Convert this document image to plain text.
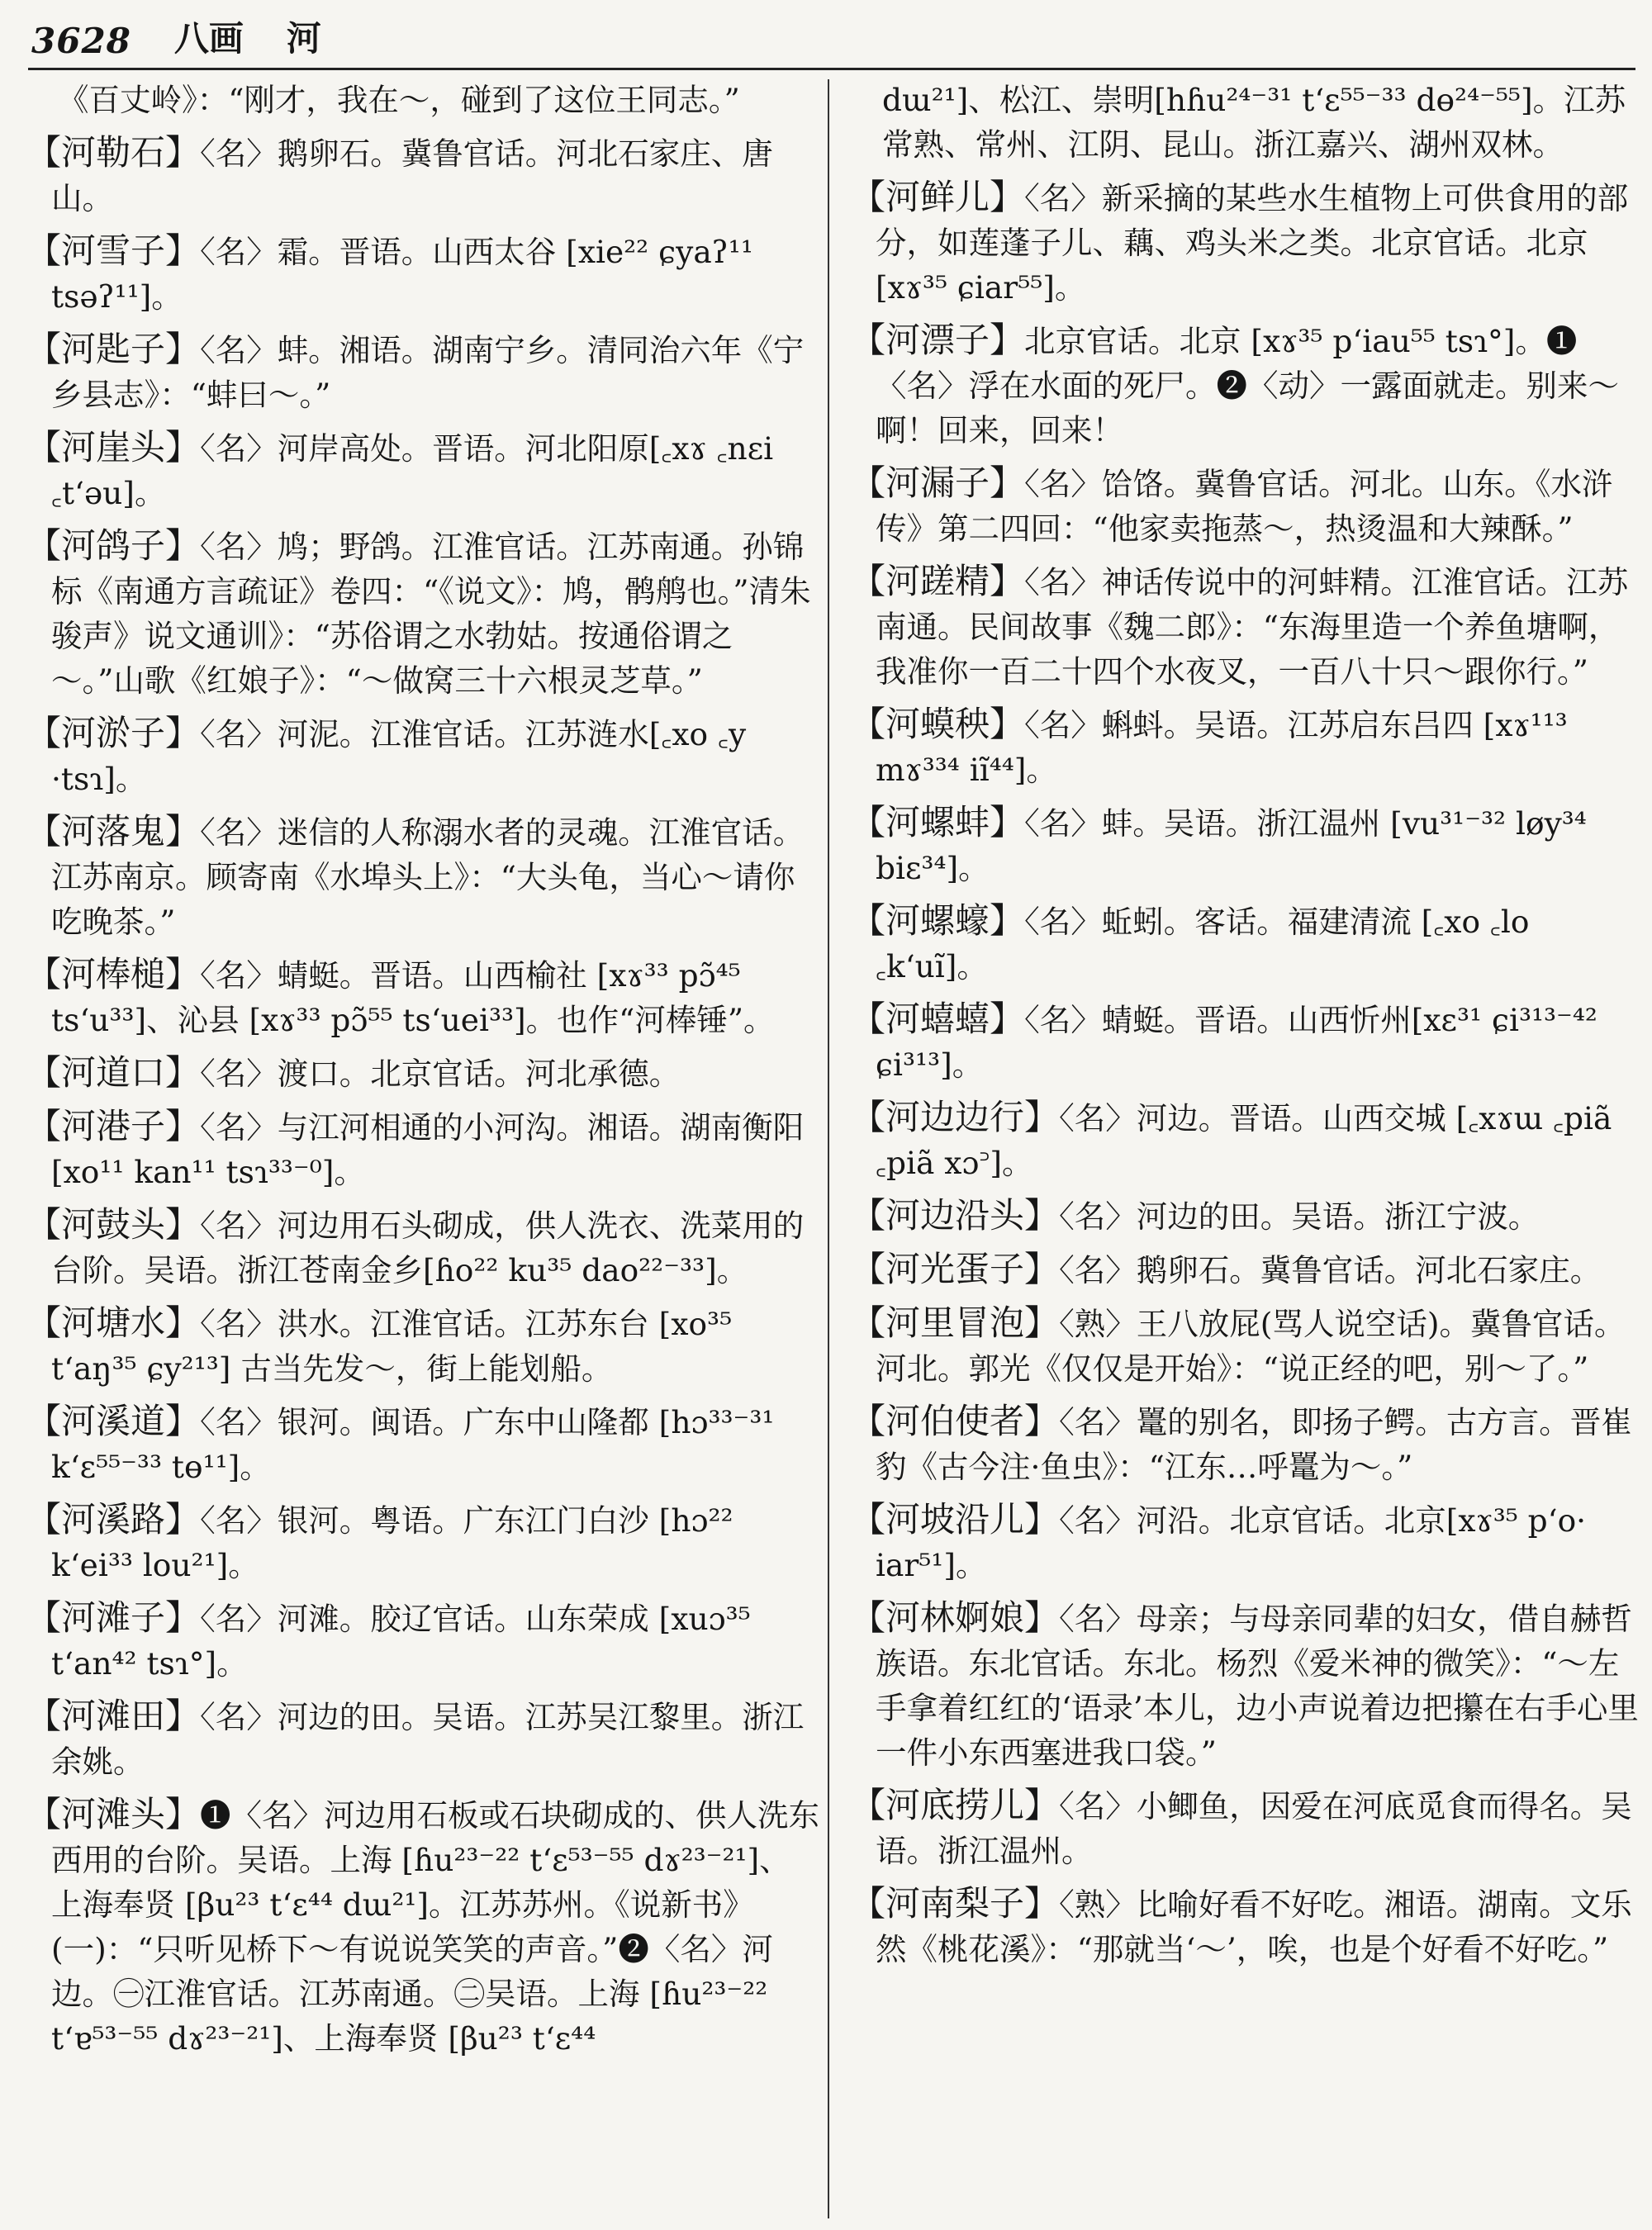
3628 八画 河

《百丈岭》：“刚才，我在～，碰到了这位王同志。”

【河勒石】〈名〉鹅卵石。冀鲁官话。河北石家庄、唐山。

【河雪子】〈名〉霜。晋语。山西太谷 [xie²² ɕyaʔ¹¹ tsəʔ¹¹]。

【河匙子】〈名〉蚌。湘语。湖南宁乡。清同治六年《宁乡县志》：“蚌曰～。”

【河崖头】〈名〉河岸高处。晋语。河北阳原[꜀xɤ ꜀nɛi ꜀t‘əu]。

【河鸽子】〈名〉鸠；野鸽。江淮官话。江苏南通。孙锦标《南通方言疏证》卷四：“《说文》：鸠，鹘鸼也。”清朱骏声》说文通训》：“苏俗谓之水勃姑。按通俗谓之～。”山歌《红娘子》：“～做窝三十六根灵芝草。”

【河淤子】〈名〉河泥。江淮官话。江苏涟水[꜀xo ꜀y ·tsɿ]。

【河落鬼】〈名〉迷信的人称溺水者的灵魂。江淮官话。江苏南京。顾寄南《水埠头上》：“大头龟，当心～请你吃晚茶。”

【河棒槌】〈名〉蜻蜓。晋语。山西榆社 [xɤ³³ pɔ̃⁴⁵ ts‘u³³]、沁县 [xɤ³³ pɔ̃⁵⁵ ts‘uei³³]。也作“河棒锤”。

【河道口】〈名〉渡口。北京官话。河北承德。

【河港子】〈名〉与江河相通的小河沟。湘语。湖南衡阳 [xo¹¹ kan¹¹ tsɿ³³⁻⁰]。

【河鼓头】〈名〉河边用石头砌成，供人洗衣、洗菜用的台阶。吴语。浙江苍南金乡[ɦo²² ku³⁵ dao²²⁻³³]。

【河塘水】〈名〉洪水。江淮官话。江苏东台 [xo³⁵ t‘aŋ³⁵ ɕy²¹³] 古当先发～，街上能划船。

【河溪道】〈名〉银河。闽语。广东中山隆都 [hɔ³³⁻³¹ k‘ɛ⁵⁵⁻³³ tө¹¹]。

【河溪路】〈名〉银河。粤语。广东江门白沙 [hɔ²² k‘ei³³ lou²¹]。

【河滩子】〈名〉河滩。胶辽官话。山东荣成 [xuɔ³⁵ t‘an⁴² tsɿ°]。

【河滩田】〈名〉河边的田。吴语。江苏吴江黎里。浙江余姚。

【河滩头】❶〈名〉河边用石板或石块砌成的、供人洗东西用的台阶。吴语。上海 [ɦu²³⁻²² t‘ɛ⁵³⁻⁵⁵ dɤ²³⁻²¹]、上海奉贤 [βu²³ t‘ɛ⁴⁴ dɯ²¹]。江苏苏州。《说新书》(一)：“只听见桥下～有说说笑笑的声音。”❷〈名〉河边。㊀江淮官话。江苏南通。㊁吴语。上海 [ɦu²³⁻²² t‘ɐ⁵³⁻⁵⁵ dɤ²³⁻²¹]、上海奉贤 [βu²³ t‘ɛ⁴⁴

dɯ²¹]、松江、崇明[hɦu²⁴⁻³¹ t‘ɛ⁵⁵⁻³³ dө²⁴⁻⁵⁵]。江苏常熟、常州、江阴、昆山。浙江嘉兴、湖州双林。

【河鲜儿】〈名〉新采摘的某些水生植物上可供食用的部分，如莲蓬子儿、藕、鸡头米之类。北京官话。北京 [xɤ³⁵ ɕiar⁵⁵]。

【河漂子】北京官话。北京 [xɤ³⁵ p‘iau⁵⁵ tsɿ°]。❶〈名〉浮在水面的死尸。❷〈动〉一露面就走。别来～啊！回来，回来！

【河漏子】〈名〉饸饹。冀鲁官话。河北。山东。《水浒传》第二四回：“他家卖拖蒸～，热烫温和大辣酥。”

【河蹉精】〈名〉神话传说中的河蚌精。江淮官话。江苏南通。民间故事《魏二郎》：“东海里造一个养鱼塘啊，我准你一百二十四个水夜叉，一百八十只～跟你行。”

【河蟆秧】〈名〉蝌蚪。吴语。江苏启东吕四 [xɤ¹¹³ mɤ³³⁴ iĩ⁴⁴]。

【河螺蚌】〈名〉蚌。吴语。浙江温州 [vu³¹⁻³² løy³⁴ biɛ³⁴]。

【河螺蠔】〈名〉蚯蚓。客话。福建清流 [꜀xo ꜀lo ꜀k‘uĩ]。

【河蟢蟢】〈名〉蜻蜓。晋语。山西忻州[xɛ³¹ ɕi³¹³⁻⁴² ɕi³¹³]。

【河边边行】〈名〉河边。晋语。山西交城 [꜀xɤɯ ꜀piã ꜀piã xɔ꜄]。

【河边沿头】〈名〉河边的田。吴语。浙江宁波。

【河光蛋子】〈名〉鹅卵石。冀鲁官话。河北石家庄。

【河里冒泡】〈熟〉王八放屁(骂人说空话)。冀鲁官话。河北。郭光《仅仅是开始》：“说正经的吧，别～了。”

【河伯使者】〈名〉鼍的别名，即扬子鳄。古方言。晋崔豹《古今注·鱼虫》：“江东…呼鼍为～。”

【河坡沿儿】〈名〉河沿。北京官话。北京[xɤ³⁵ p‘o· iar⁵¹]。

【河林婀娘】〈名〉母亲；与母亲同辈的妇女，借自赫哲族语。东北官话。东北。杨烈《爱米神的微笑》：“～左手拿着红红的‘语录’本儿，边小声说着边把攥在右手心里一件小东西塞进我口袋。”

【河底捞儿】〈名〉小鲫鱼，因爱在河底觅食而得名。吴语。浙江温州。

【河南梨子】〈熟〉比喻好看不好吃。湘语。湖南。文乐然《桃花溪》：“那就当‘～’，唉，也是个好看不好吃。”
